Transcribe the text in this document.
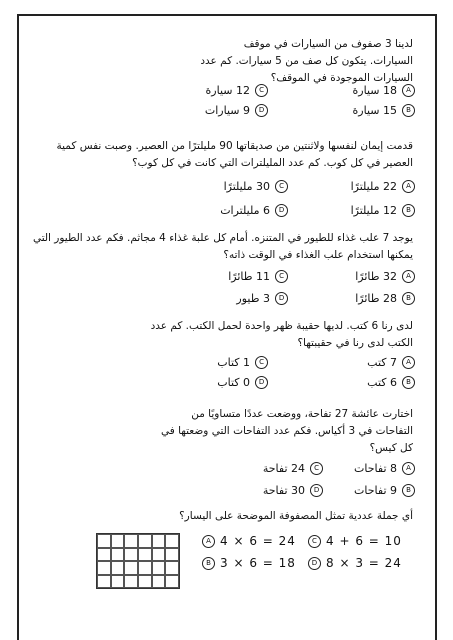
لدينا 3 صفوف من السيارات في موقف السيارات. يتكون كل صف من 5 سيارات. كم عدد السيارات الموجودة في الموقف؟
A
18 سيارة
C
12 سيارة
B
15 سيارة
D
9 سيارات
قدمت إيمان لنفسها ولاثنتين من صديقاتها 90 مليلترًا من العصير. وصبت نفس كمية العصير في كل كوب. كم عدد المليلترات التي كانت في كل كوب؟
A
22 مليلترًا
C
30 مليلترًا
B
12 مليلترًا
D
6 مليلترات
يوجد 7 علب غذاء للطيور في المتنزه. أمام كل علبة غذاء 4 مجاثم. فكم عدد الطيور التي يمكنها استخدام علب الغذاء في الوقت ذاته؟
A
32 طائرًا
C
11 طائرًا
B
28 طائرًا
D
3 طيور
لدى رنا 6 كتب. لديها حقيبة ظهر واحدة لحمل الكتب. كم عدد الكتب لدى رنا في حقيبتها؟
A
7 كتب
C
1 كتاب
B
6 كتب
D
0 كتاب
اختارت عائشة 27 تفاحة، ووضعت عددًا متساويًا من التفاحات في 3 أكياس. فكم عدد التفاحات التي وضعتها في كل كيس؟
A
8 تفاحات
C
24 تفاحة
B
9 تفاحات
D
30 تفاحة
أي جملة عددية تمثل المصفوفة الموضحة على اليسار؟
A 4 × 6 = 24	C 4 + 6 = 10
B 3 × 6 = 18	D 8 × 3 = 24
